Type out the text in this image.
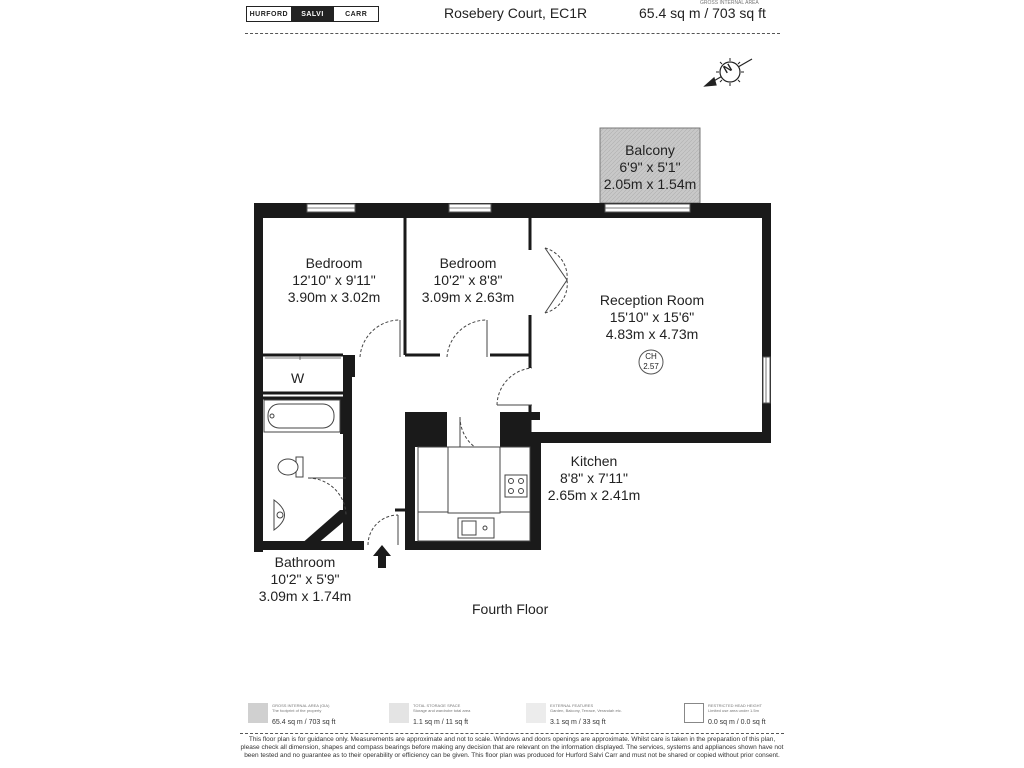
HURFORD	SALVI	CARR	Rosebery Court, EC1R
GROSS INTERNAL AREA
65.4 sq m / 703 sq ft
N
Balcony
6'9" x 5'1"
2.05m x 1.54m
Bedroom
12'10" x 9'11"
3.90m x 3.02m
Bedroom
10'2" x 8'8"
3.09m x 2.63m	Reception Room
15'10" x 15'6"
4.83m x 4.73m
CH
2.57
Kitchen
8'8" x 7'11"
2.65m x 2.41m
Bathroom
10'2" x 5'9"
3.09m x 1.74m
W
Fourth Floor
GROSS INTERNAL AREA (GIA)
The footprint of the property
65.4 sq m / 703 sq ft
TOTAL STORAGE SPACE
Storage and wardrobe total area
1.1 sq m / 11 sq ft
EXTERNAL FEATURES
Garden, Balcony, Terrace, Verandah etc.
3.1 sq m / 33 sq ft
RESTRICTED HEAD HEIGHT
Limited use area under 1.5m
0.0 sq m / 0.0 sq ft
This floor plan is for guidance only. Measurements are approximate and not to scale. Windows and doors openings are approximate. Whilst care is taken in the preparation of this plan, please check all dimension, shapes and compass bearings before making any decision that are relevant on the information displayed. The services, systems and appliances shown have not been tested and no guarantee as to their operability or efficiency can be given. This floor plan was produced for Hurford Salvi Carr and must not be shared or copied without prior consent.
